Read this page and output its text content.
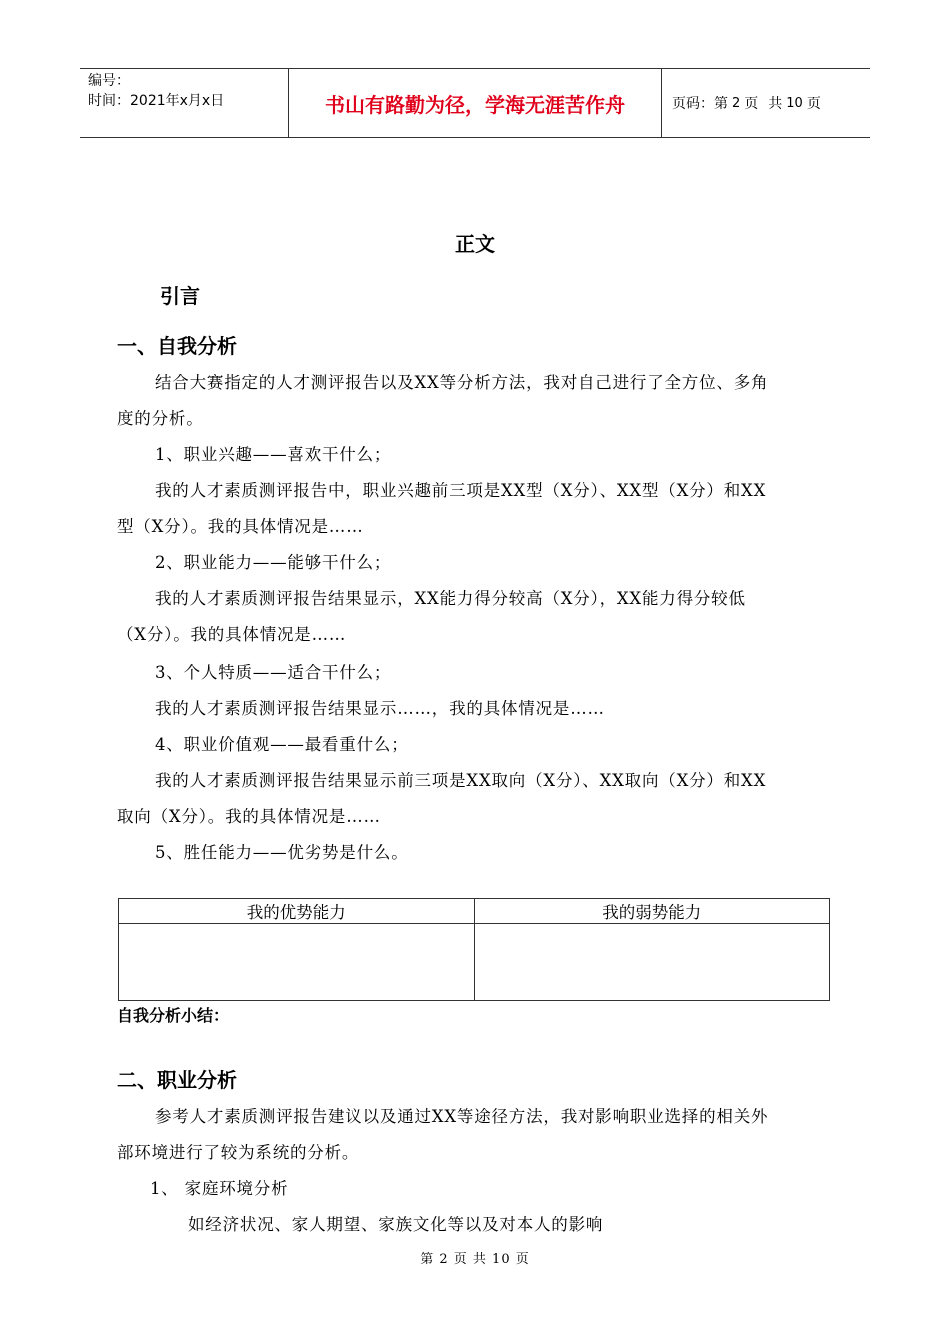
编号：
时间：2021年x月x日	书山有路勤为径，学海无涯苦作舟	页码：第 2 页 共 10 页
正文
引言
一、自我分析
结合大赛指定的人才测评报告以及XX等分析方法，我对自己进行了全方位、多角
度的分析。
1、职业兴趣——喜欢干什么；
我的人才素质测评报告中，职业兴趣前三项是XX型（X分）、XX型（X分）和XX
型（X分）。我的具体情况是……
2、职业能力——能够干什么；
我的人才素质测评报告结果显示，XX能力得分较高（X分），XX能力得分较低
（X分）。我的具体情况是……
3、个人特质——适合干什么；
我的人才素质测评报告结果显示……，我的具体情况是……
4、职业价值观——最看重什么；
我的人才素质测评报告结果显示前三项是XX取向（X分）、XX取向（X分）和XX
取向（X分）。我的具体情况是……
5、胜任能力——优劣势是什么。
我的优势能力	我的弱势能力

自我分析小结：
二、职业分析
参考人才素质测评报告建议以及通过XX等途径方法，我对影响职业选择的相关外
部环境进行了较为系统的分析。
1、 家庭环境分析
如经济状况、家人期望、家族文化等以及对本人的影响
第 2 页 共 10 页
